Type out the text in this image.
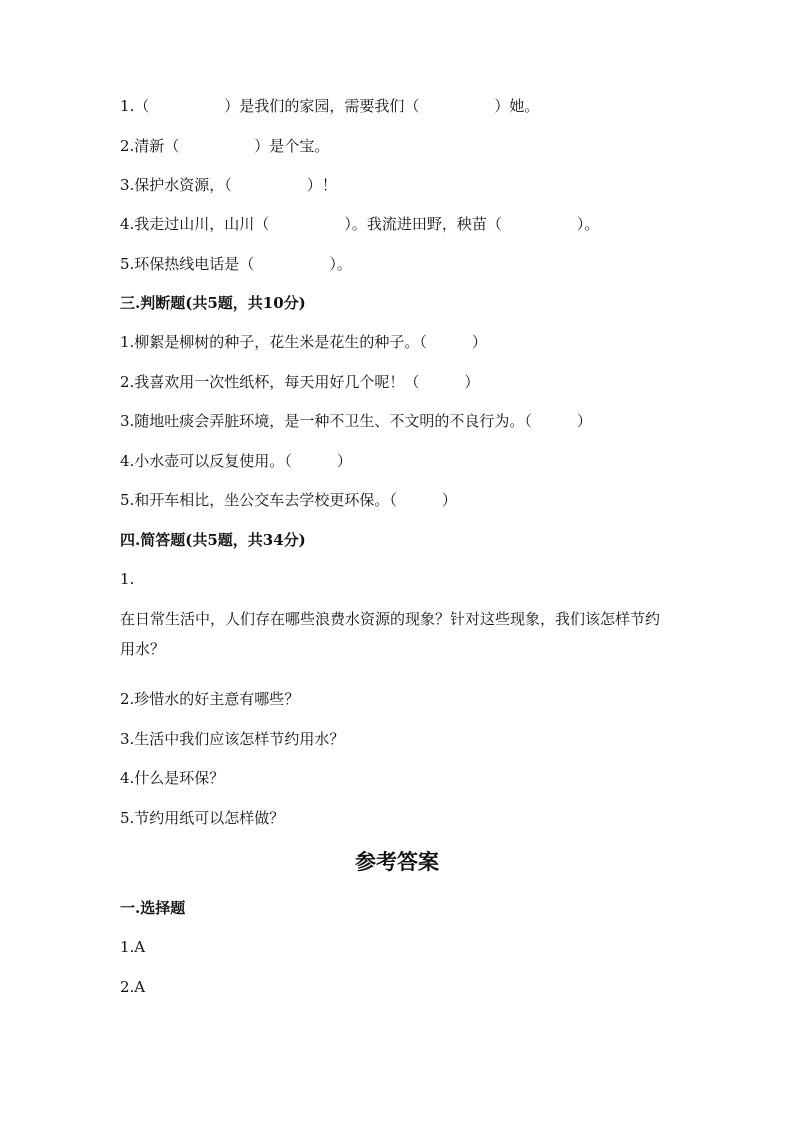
1.（　　　　　）是我们的家园，需要我们（　　　　　）她。
2.清新（　　　　　）是个宝。
3.保护水资源，（　　　　　）！
4.我走过山川，山川（　　　　　）。我流进田野，秧苗（　　　　　）。
5.环保热线电话是（　　　　　）。
三.判断题(共5题，共10分)
1.柳絮是柳树的种子，花生米是花生的种子。（　　　）
2.我喜欢用一次性纸杯，每天用好几个呢！（　　　）
3.随地吐痰会弄脏环境，是一种不卫生、不文明的不良行为。（　　　）
4.小水壶可以反复使用。（　　　）
5.和开车相比，坐公交车去学校更环保。（　　　）
四.简答题(共5题，共34分)
1.
在日常生活中，人们存在哪些浪费水资源的现象？针对这些现象，我们该怎样节约用水？
2.珍惜水的好主意有哪些？
3.生活中我们应该怎样节约用水？
4.什么是环保？
5.节约用纸可以怎样做？
参考答案
一.选择题
1.A
2.A
